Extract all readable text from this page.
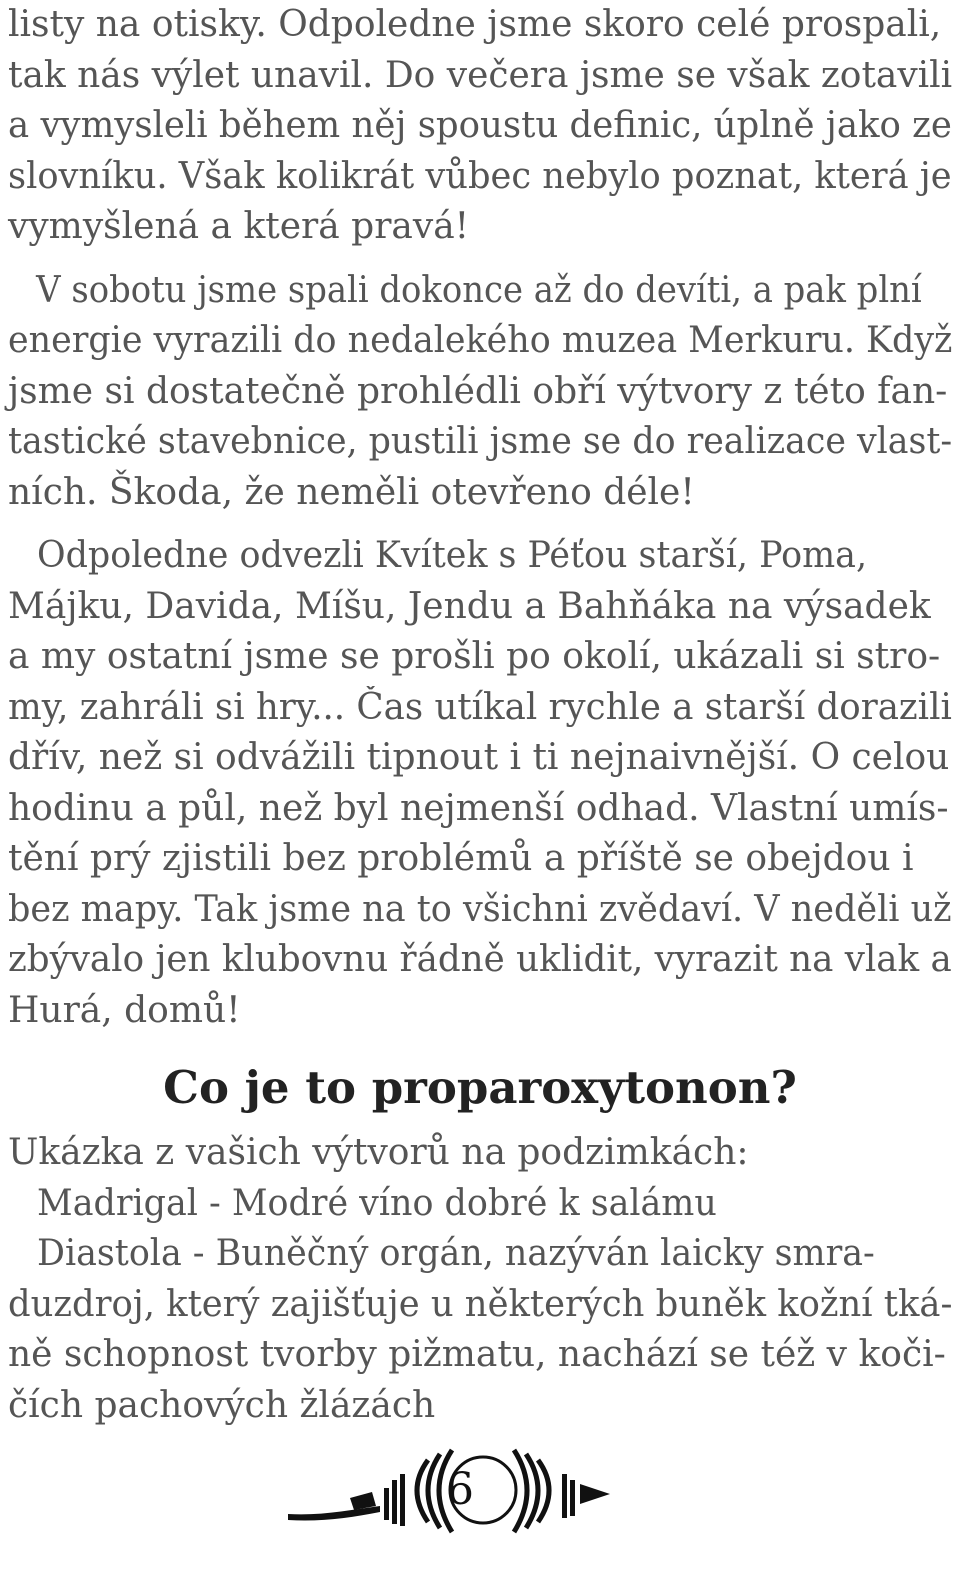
listy na otisky. Odpoledne jsme skoro celé prospali,
tak nás výlet unavil. Do večera jsme se však zotavili
a vymysleli během něj spoustu definic, úplně jako ze
slovníku. Však kolikrát vůbec nebylo poznat, která je
vymyšlená a která pravá!

V sobotu jsme spali dokonce až do devíti, a pak plní
energie vyrazili do nedalekého muzea Merkuru. Když
jsme si dostatečně prohlédli obří výtvory z této fan-
tastické stavebnice, pustili jsme se do realizace vlast-
ních. Škoda, že neměli otevřeno déle!

Odpoledne odvezli Kvítek s Péťou starší, Poma,
Májku, Davida, Míšu, Jendu a Bahňáka na výsadek
a my ostatní jsme se prošli po okolí, ukázali si stro-
my, zahráli si hry... Čas utíkal rychle a starší dorazili
dřív, než si odvážili tipnout i ti nejnaivnější. O celou
hodinu a půl, než byl nejmenší odhad. Vlastní umís-
tění prý zjistili bez problémů a příště se obejdou i
bez mapy. Tak jsme na to všichni zvědaví. V neděli už
zbývalo jen klubovnu řádně uklidit, vyrazit na vlak a
Hurá, domů!

Co je to proparoxytonon?

Ukázka z vašich výtvorů na podzimkách:
Madrigal - Modré víno dobré k salámu
Diastola - Buněčný orgán, nazýván laicky smra-
duzdroj, který zajišťuje u některých buněk kožní tká-
ně schopnost tvorby pižmatu, nachází se též v koči-
čích pachových žlázách

6
